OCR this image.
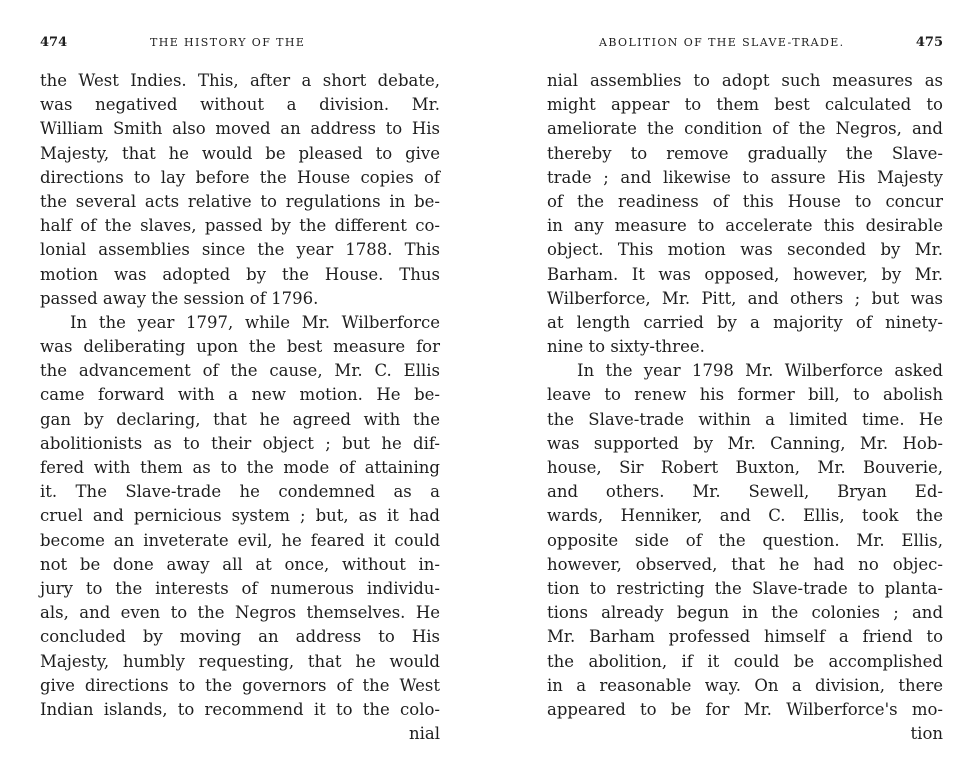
474	THE HISTORY OF THE
the West Indies. This, after a short debate,
was negatived without a division. Mr.
William Smith also moved an address to His
Majesty, that he would be pleased to give
directions to lay before the House copies of
the several acts relative to regulations in be-
half of the slaves, passed by the different co-
lonial assemblies since the year 1788. This
motion was adopted by the House. Thus
passed away the session of 1796.
In the year 1797, while Mr. Wilberforce
was deliberating upon the best measure for
the advancement of the cause, Mr. C. Ellis
came forward with a new motion. He be-
gan by declaring, that he agreed with the
abolitionists as to their object ; but he dif-
fered with them as to the mode of attaining
it. The Slave-trade he condemned as a
cruel and pernicious system ; but, as it had
become an inveterate evil, he feared it could
not be done away all at once, without in-
jury to the interests of numerous individu-
als, and even to the Negros themselves. He
concluded by moving an address to His
Majesty, humbly requesting, that he would
give directions to the governors of the West
Indian islands, to recommend it to the colo-
nial
ABOLITION OF THE SLAVE-TRADE.	475
nial assemblies to adopt such measures as
might appear to them best calculated to
ameliorate the condition of the Negros, and
thereby to remove gradually the Slave-
trade ; and likewise to assure His Majesty
of the readiness of this House to concur
in any measure to accelerate this desirable
object. This motion was seconded by Mr.
Barham. It was opposed, however, by Mr.
Wilberforce, Mr. Pitt, and others ; but was
at length carried by a majority of ninety-
nine to sixty-three.
In the year 1798 Mr. Wilberforce asked
leave to renew his former bill, to abolish
the Slave-trade within a limited time. He
was supported by Mr. Canning, Mr. Hob-
house, Sir Robert Buxton, Mr. Bouverie,
and others. Mr. Sewell, Bryan Ed-
wards, Henniker, and C. Ellis, took the
opposite side of the question. Mr. Ellis,
however, observed, that he had no objec-
tion to restricting the Slave-trade to planta-
tions already begun in the colonies ; and
Mr. Barham professed himself a friend to
the abolition, if it could be accomplished
in a reasonable way. On a division, there
appeared to be for Mr. Wilberforce's mo-
tion
